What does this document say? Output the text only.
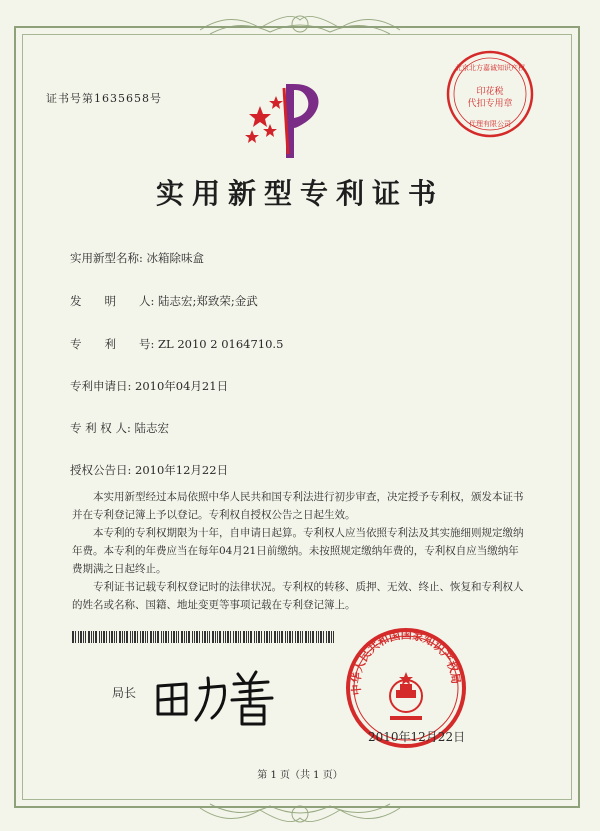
证书号第1635658号
北京北方嘉诚知识产权
印花税
代扣专用章
代理有限公司
实用新型专利证书
实用新型名称: 冰箱除味盒
发　　明　　人: 陆志宏;郑致荣;金武
专　　利　　号: ZL 2010 2 0164710.5
专利申请日: 2010年04月21日
专 利 权 人: 陆志宏
授权公告日: 2010年12月22日

本实用新型经过本局依照中华人民共和国专利法进行初步审查，决定授予专利权，颁发本证书并在专利登记簿上予以登记。专利权自授权公告之日起生效。

本专利的专利权期限为十年，自申请日起算。专利权人应当依照专利法及其实施细则规定缴纳年费。本专利的年费应当在每年04月21日前缴纳。未按照规定缴纳年费的，专利权自应当缴纳年费期满之日起终止。

专利证书记载专利权登记时的法律状况。专利权的转移、质押、无效、终止、恢复和专利权人的姓名或名称、国籍、地址变更等事项记载在专利登记簿上。

局长	中华人民共和国国家知识产权局
2010年12月22日
第 1 页（共 1 页）
